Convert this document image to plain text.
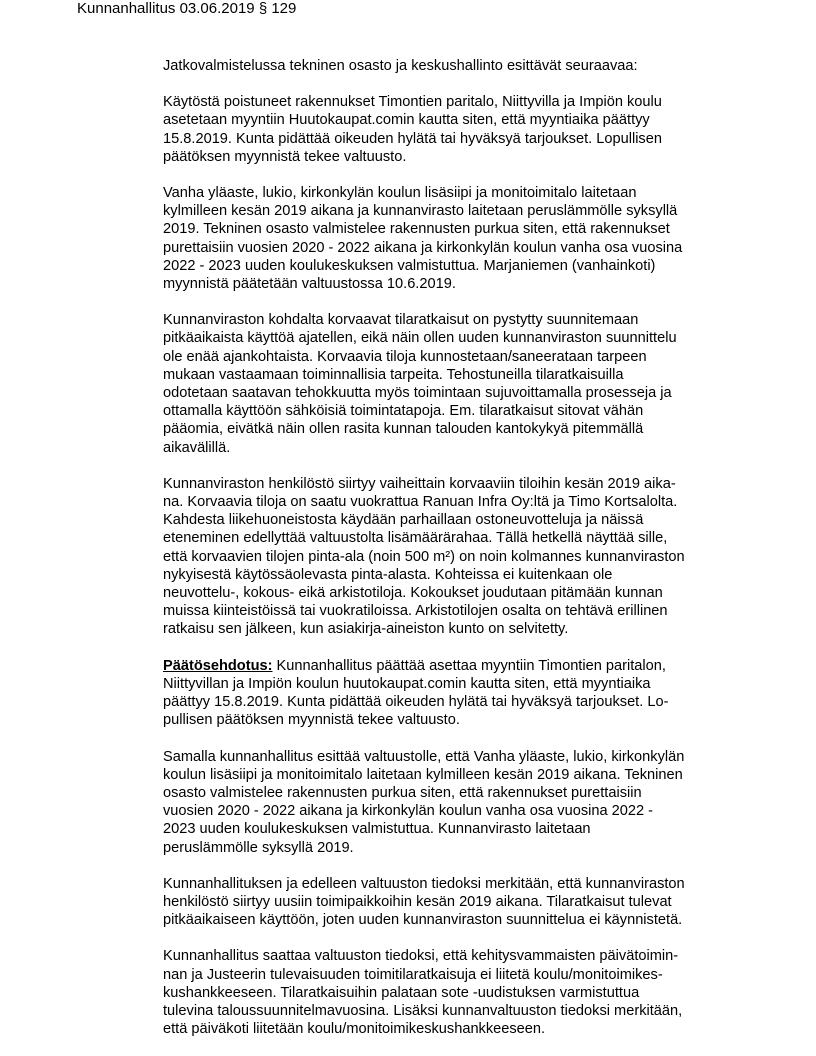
Kunnanhallitus 03.06.2019 § 129

Jatkovalmistelussa tekninen osasto ja keskushallinto esittävät seuraavaa:

Käytöstä poistuneet rakennukset Timontien paritalo, Niittyvilla ja Impiön koulu
asetetaan myyntiin Huutokaupat.comin kautta siten, että myyntiaika päättyy
15.8.2019. Kunta pidättää oikeuden hylätä tai hyväksyä tarjoukset. Lopullisen
päätöksen myynnistä tekee valtuusto.

Vanha yläaste, lukio, kirkonkylän koulun lisäsiipi ja monitoimitalo laitetaan
kylmilleen kesän 2019 aikana ja kunnanvirasto laitetaan peruslämmölle syksyllä
2019. Tekninen osasto valmistelee rakennusten purkua siten, että rakennukset
purettaisiin vuosien 2020 - 2022 aikana ja kirkonkylän koulun vanha osa vuosina
2022 - 2023 uuden koulukeskuksen valmistuttua. Marjaniemen (vanhainkoti)
myynnistä päätetään valtuustossa 10.6.2019.

Kunnanviraston kohdalta korvaavat tilaratkaisut on pystytty suunnitemaan
pitkäaikaista käyttöä ajatellen, eikä näin ollen uuden kunnanviraston suunnittelu
ole enää ajankohtaista. Korvaavia tiloja kunnostetaan/saneerataan tarpeen
mukaan vastaamaan toiminnallisia tarpeita. Tehostuneilla tilaratkaisuilla
odotetaan saatavan tehokkuutta myös toimintaan sujuvoittamalla prosesseja ja
ottamalla käyttöön sähköisiä toimintatapoja. Em. tilaratkaisut sitovat vähän
pääomia, eivätkä näin ollen rasita kunnan talouden kantokykyä pitemmällä
aikavälillä.

Kunnanviraston henkilöstö siirtyy vaiheittain korvaaviin tiloihin kesän 2019 aika-
na. Korvaavia tiloja on saatu vuokrattua Ranuan Infra Oy:ltä ja Timo Kortsalolta.
Kahdesta liikehuoneistosta käydään parhaillaan ostoneuvotteluja ja näissä
eteneminen edellyttää valtuustolta lisämäärärahaa. Tällä hetkellä näyttää sille,
että korvaavien tilojen pinta-ala (noin 500 m²) on noin kolmannes kunnanviraston
nykyisestä käytössäolevasta pinta-alasta. Kohteissa ei kuitenkaan ole
neuvottelu-, kokous- eikä arkistotiloja. Kokoukset joudutaan pitämään kunnan
muissa kiinteistöissä tai vuokratiloissa. Arkistotilojen osalta on tehtävä erillinen
ratkaisu sen jälkeen, kun asiakirja-aineiston kunto on selvitetty.

Päätösehdotus: Kunnanhallitus päättää asettaa myyntiin Timontien paritalon,
Niittyvillan ja Impiön koulun huutokaupat.comin kautta siten, että myyntiaika
päättyy 15.8.2019. Kunta pidättää oikeuden hylätä tai hyväksyä tarjoukset. Lo-
pullisen päätöksen myynnistä tekee valtuusto.

Samalla kunnanhallitus esittää valtuustolle, että Vanha yläaste, lukio, kirkonkylän
koulun lisäsiipi ja monitoimitalo laitetaan kylmilleen kesän 2019 aikana. Tekninen
osasto valmistelee rakennusten purkua siten, että rakennukset purettaisiin
vuosien 2020 - 2022 aikana ja kirkonkylän koulun vanha osa vuosina 2022 -
2023 uuden koulukeskuksen valmistuttua. Kunnanvirasto laitetaan
peruslämmölle syksyllä 2019.

Kunnanhallituksen ja edelleen valtuuston tiedoksi merkitään, että kunnanviraston
henkilöstö siirtyy uusiin toimipaikkoihin kesän 2019 aikana. Tilaratkaisut tulevat
pitkäaikaiseen käyttöön, joten uuden kunnanviraston suunnittelua ei käynnistetä.

Kunnanhallitus saattaa valtuuston tiedoksi, että kehitysvammaisten päivätoimin-
nan ja Justeerin tulevaisuuden toimitilaratkaisuja ei liitetä koulu/monitoimikes-
kushankkeeseen. Tilaratkaisuihin palataan sote -uudistuksen varmistuttua
tulevina taloussuunnitelmavuosina. Lisäksi kunnanvaltuuston tiedoksi merkitään,
että päiväkoti liitetään koulu/monitoimikeskushankkeeseen.
